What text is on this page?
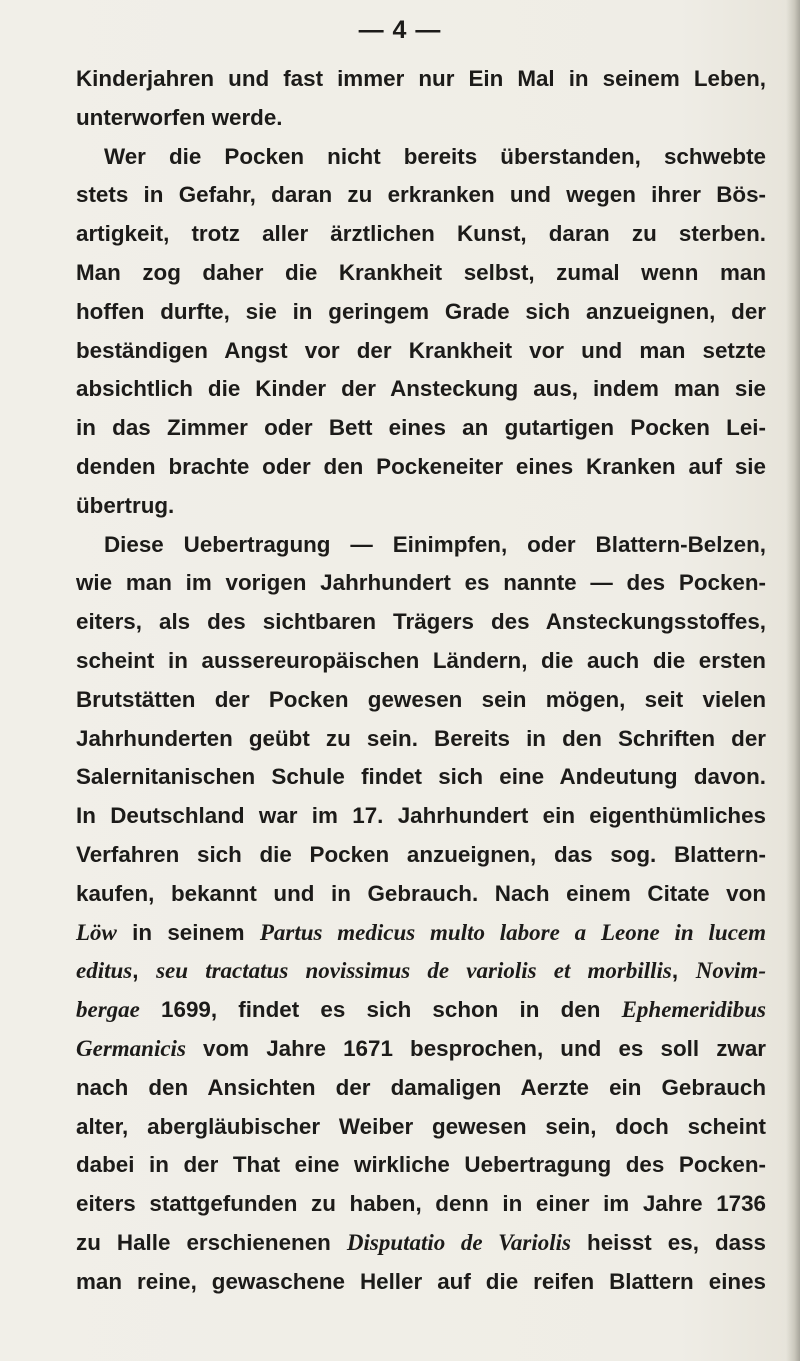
— 4 —
Kinderjahren und fast immer nur Ein Mal in seinem Leben,
unterworfen werde.
Wer die Pocken nicht bereits überstanden, schwebte
stets in Gefahr, daran zu erkranken und wegen ihrer Bös-
artigkeit, trotz aller ärztlichen Kunst, daran zu sterben.
Man zog daher die Krankheit selbst, zumal wenn man
hoffen durfte, sie in geringem Grade sich anzueignen, der
beständigen Angst vor der Krankheit vor und man setzte
absichtlich die Kinder der Ansteckung aus, indem man sie
in das Zimmer oder Bett eines an gutartigen Pocken Lei-
denden brachte oder den Pockeneiter eines Kranken auf sie
übertrug.
Diese Uebertragung — Einimpfen, oder Blattern-Belzen,
wie man im vorigen Jahrhundert es nannte — des Pocken-
eiters, als des sichtbaren Trägers des Ansteckungsstoffes,
scheint in aussereuropäischen Ländern, die auch die ersten
Brutstätten der Pocken gewesen sein mögen, seit vielen
Jahrhunderten geübt zu sein. Bereits in den Schriften der
Salernitanischen Schule findet sich eine Andeutung davon.
In Deutschland war im 17. Jahrhundert ein eigenthümliches
Verfahren sich die Pocken anzueignen, das sog. Blattern-
kaufen, bekannt und in Gebrauch. Nach einem Citate von
Löw in seinem Partus medicus multo labore a Leone in lucem
editus, seu tractatus novissimus de variolis et morbillis, Novim-
bergae 1699, findet es sich schon in den Ephemeridibus
Germanicis vom Jahre 1671 besprochen, und es soll zwar
nach den Ansichten der damaligen Aerzte ein Gebrauch
alter, abergläubischer Weiber gewesen sein, doch scheint
dabei in der That eine wirkliche Uebertragung des Pocken-
eiters stattgefunden zu haben, denn in einer im Jahre 1736
zu Halle erschienenen Disputatio de Variolis heisst es, dass
man reine, gewaschene Heller auf die reifen Blattern eines
